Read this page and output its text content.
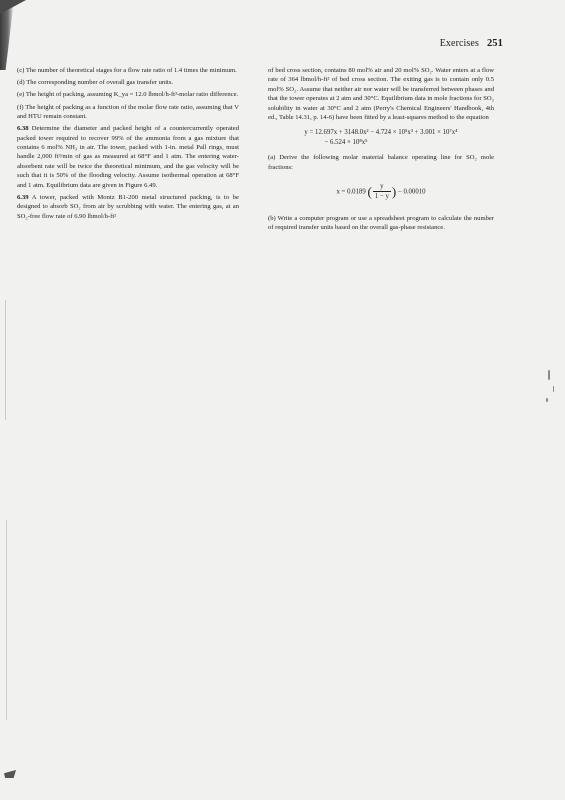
Exercises 251

(c) The number of theoretical stages for a flow rate ratio of 1.4 times the minimum.

(d) The corresponding number of overall gas transfer units.

(e) The height of packing, assuming K_ya = 12.0 lbmol/h-ft³-molar ratio difference.

(f) The height of packing as a function of the molar flow rate ratio, assuming that V and HTU remain constant.

6.38 Determine the diameter and packed height of a countercurrently operated packed tower required to recover 99% of the ammonia from a gas mixture that contains 6 mol% NH₃ in air. The tower, packed with 1-in. metal Pall rings, must handle 2,000 ft³/min of gas as measured at 68°F and 1 atm. The entering water-absorbent rate will be twice the theoretical minimum, and the gas velocity will be such that it is 50% of the flooding velocity. Assume isothermal operation at 68°F and 1 atm. Equilibrium data are given in Figure 6.49.

6.39 A tower, packed with Montz B1-200 metal structured packing, is to be designed to absorb SO₂ from air by scrubbing with water. The entering gas, at an SO₂-free flow rate of 6.90 lbmol/h-ft²

of bed cross section, contains 80 mol% air and 20 mol% SO₂. Water enters at a flow rate of 364 lbmol/h-ft² of bed cross section. The exiting gas is to contain only 0.5 mol% SO₂. Assume that neither air nor water will be transferred between phases and that the tower operates at 2 atm and 30°C. Equilibrium data in mole fractions for SO₂ solubility in water at 30°C and 2 atm (Perry's Chemical Engineers' Handbook, 4th ed., Table 14.31, p. 14-6) have been fitted by a least-squares method to the equation

y = 12.697x + 3148.0x² − 4.724 × 10⁵x³ + 3.001 × 10⁷x⁴
− 6.524 × 10⁸x⁵

(a) Derive the following molar material balance operating line for SO₂ mole fractions:

x = 0.0189 ( $\frac{y}{1 - y}$ ) − 0.00010

(b) Write a computer program or use a spreadsheet program to calculate the number of required transfer units based on the overall gas-phase resistance.
